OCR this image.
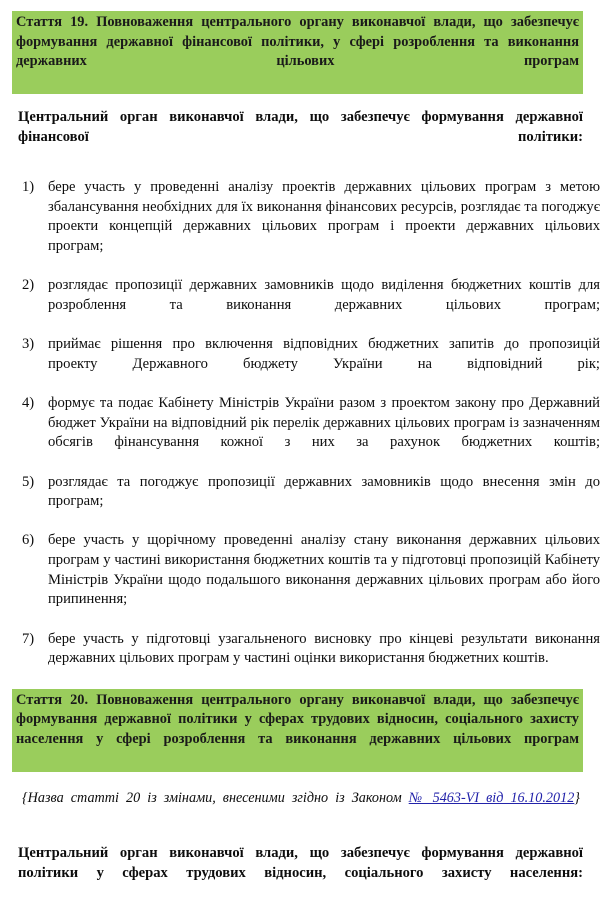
Стаття 19. Повноваження центрального органу виконавчої влади, що забезпечує формування державної фінансової політики, у сфері розроблення та виконання державних цільових програм

Центральний орган виконавчої влади, що забезпечує формування державної фінансової політики:

1) бере участь у проведенні аналізу проектів державних цільових програм з метою збалансування необхідних для їх виконання фінансових ресурсів, розглядає та погоджує проекти концепцій державних цільових програм і проекти державних цільових програм;
2) розглядає пропозиції державних замовників щодо виділення бюджетних коштів для розроблення та виконання державних цільових програм;
3) приймає рішення про включення відповідних бюджетних запитів до пропозицій проекту Державного бюджету України на відповідний рік;
4) формує та подає Кабінету Міністрів України разом з проектом закону про Державний бюджет України на відповідний рік перелік державних цільових програм із зазначенням обсягів фінансування кожної з них за рахунок бюджетних коштів;
5) розглядає та погоджує пропозиції державних замовників щодо внесення змін до програм;
6) бере участь у щорічному проведенні аналізу стану виконання державних цільових програм у частині використання бюджетних коштів та у підготовці пропозицій Кабінету Міністрів України щодо подальшого виконання державних цільових програм або його припинення;
7) бере участь у підготовці узагальненого висновку про кінцеві результати виконання державних цільових програм у частині оцінки використання бюджетних коштів.

Стаття 20. Повноваження центрального органу виконавчої влади, що забезпечує формування державної політики у сферах трудових відносин, соціального захисту населення у сфері розроблення та виконання державних цільових програм

{Назва статті 20 із змінами, внесеними згідно із Законом № 5463-VI від 16.10.2012}

Центральний орган виконавчої влади, що забезпечує формування державної політики у сферах трудових відносин, соціального захисту населення:
